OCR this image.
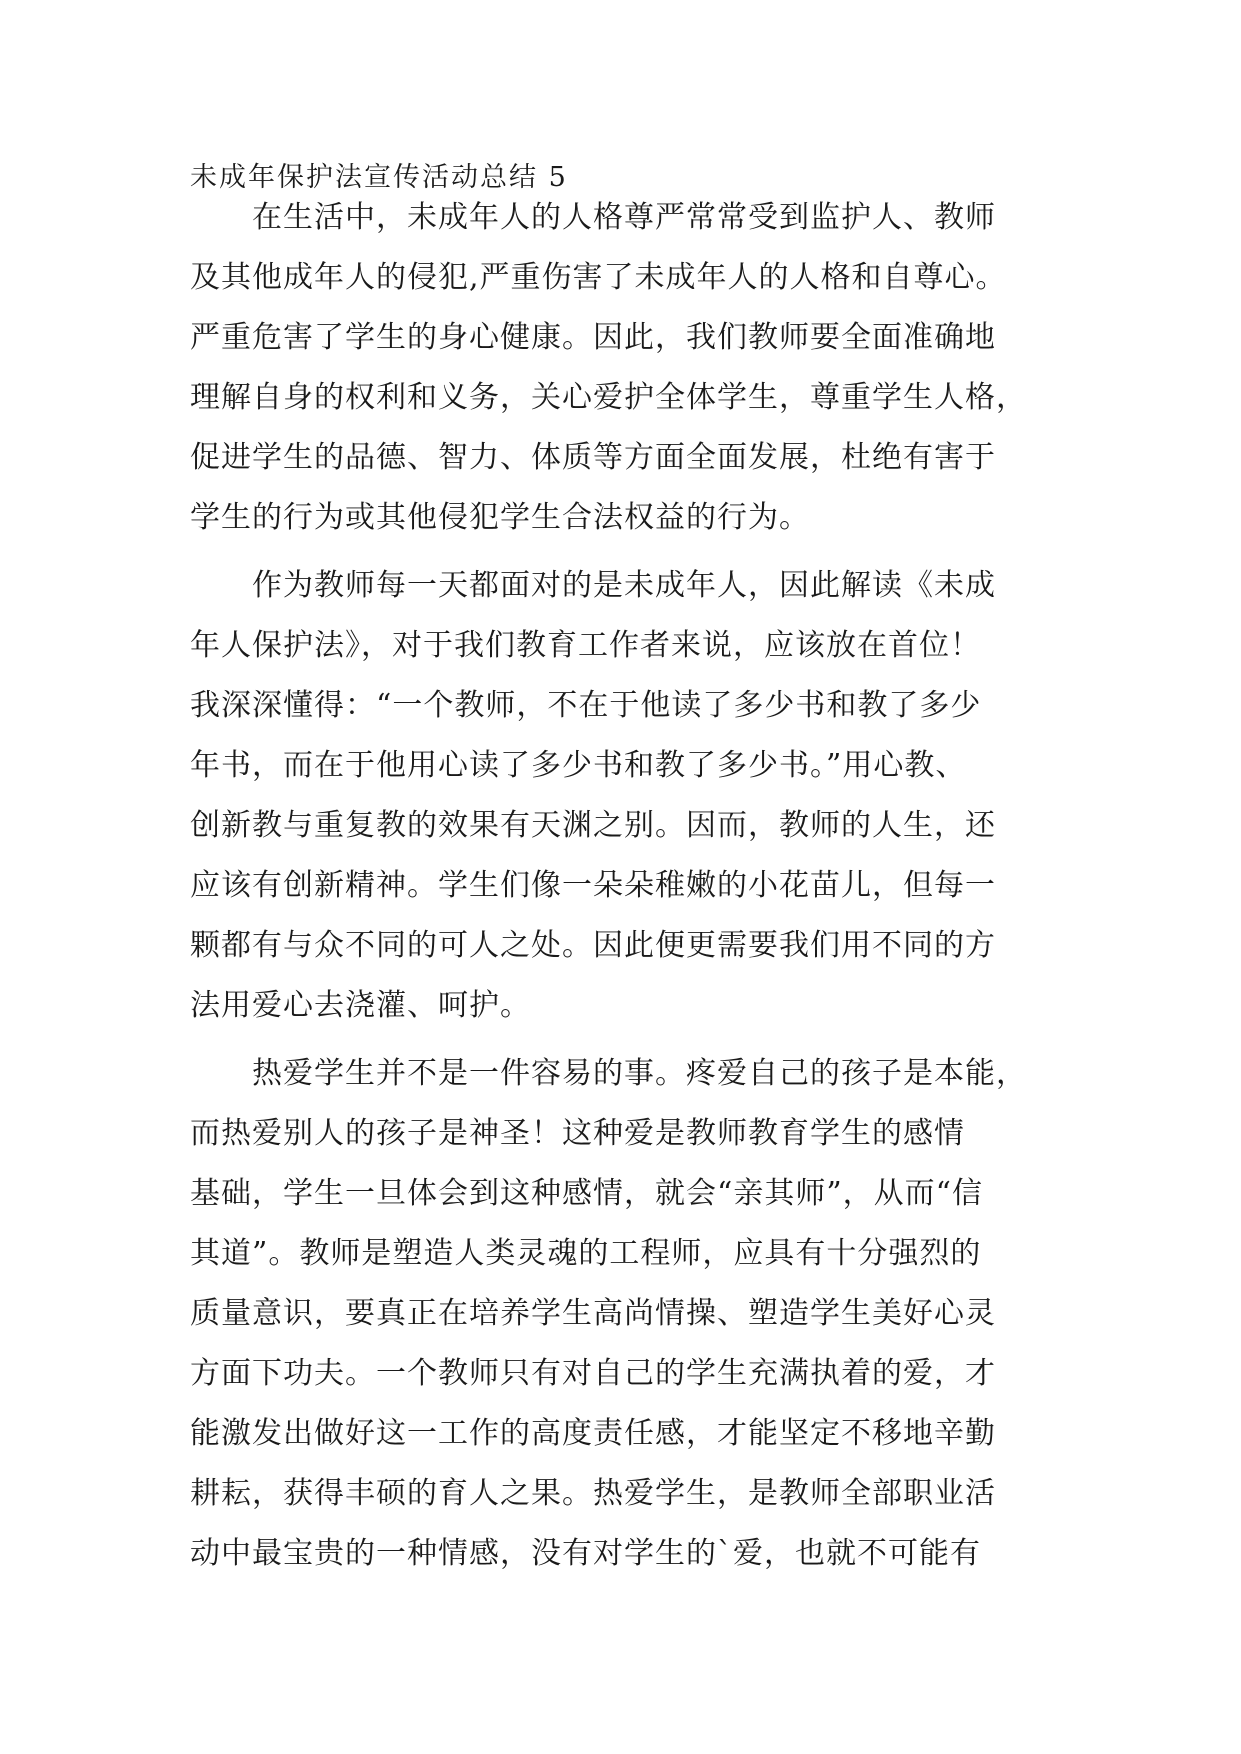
未成年保护法宣传活动总结 5
在生活中，未成年人的人格尊严常常受到监护人、教师
及其他成年人的侵犯,严重伤害了未成年人的人格和自尊心。
严重危害了学生的身心健康。因此，我们教师要全面准确地
理解自身的权利和义务，关心爱护全体学生，尊重学生人格，
促进学生的品德、智力、体质等方面全面发展，杜绝有害于
学生的行为或其他侵犯学生合法权益的行为。
作为教师每一天都面对的是未成年人，因此解读《未成
年人保护法》，对于我们教育工作者来说，应该放在首位！
我深深懂得：“一个教师，不在于他读了多少书和教了多少
年书，而在于他用心读了多少书和教了多少书。”用心教、
创新教与重复教的效果有天渊之别。因而，教师的人生，还
应该有创新精神。学生们像一朵朵稚嫩的小花苗儿，但每一
颗都有与众不同的可人之处。因此便更需要我们用不同的方
法用爱心去浇灌、呵护。
热爱学生并不是一件容易的事。疼爱自己的孩子是本能，
而热爱别人的孩子是神圣！这种爱是教师教育学生的感情
基础，学生一旦体会到这种感情，就会“亲其师”，从而“信
其道”。教师是塑造人类灵魂的工程师，应具有十分强烈的
质量意识，要真正在培养学生高尚情操、塑造学生美好心灵
方面下功夫。一个教师只有对自己的学生充满执着的爱，才
能激发出做好这一工作的高度责任感，才能坚定不移地辛勤
耕耘，获得丰硕的育人之果。热爱学生，是教师全部职业活
动中最宝贵的一种情感，没有对学生的`爱，也就不可能有
